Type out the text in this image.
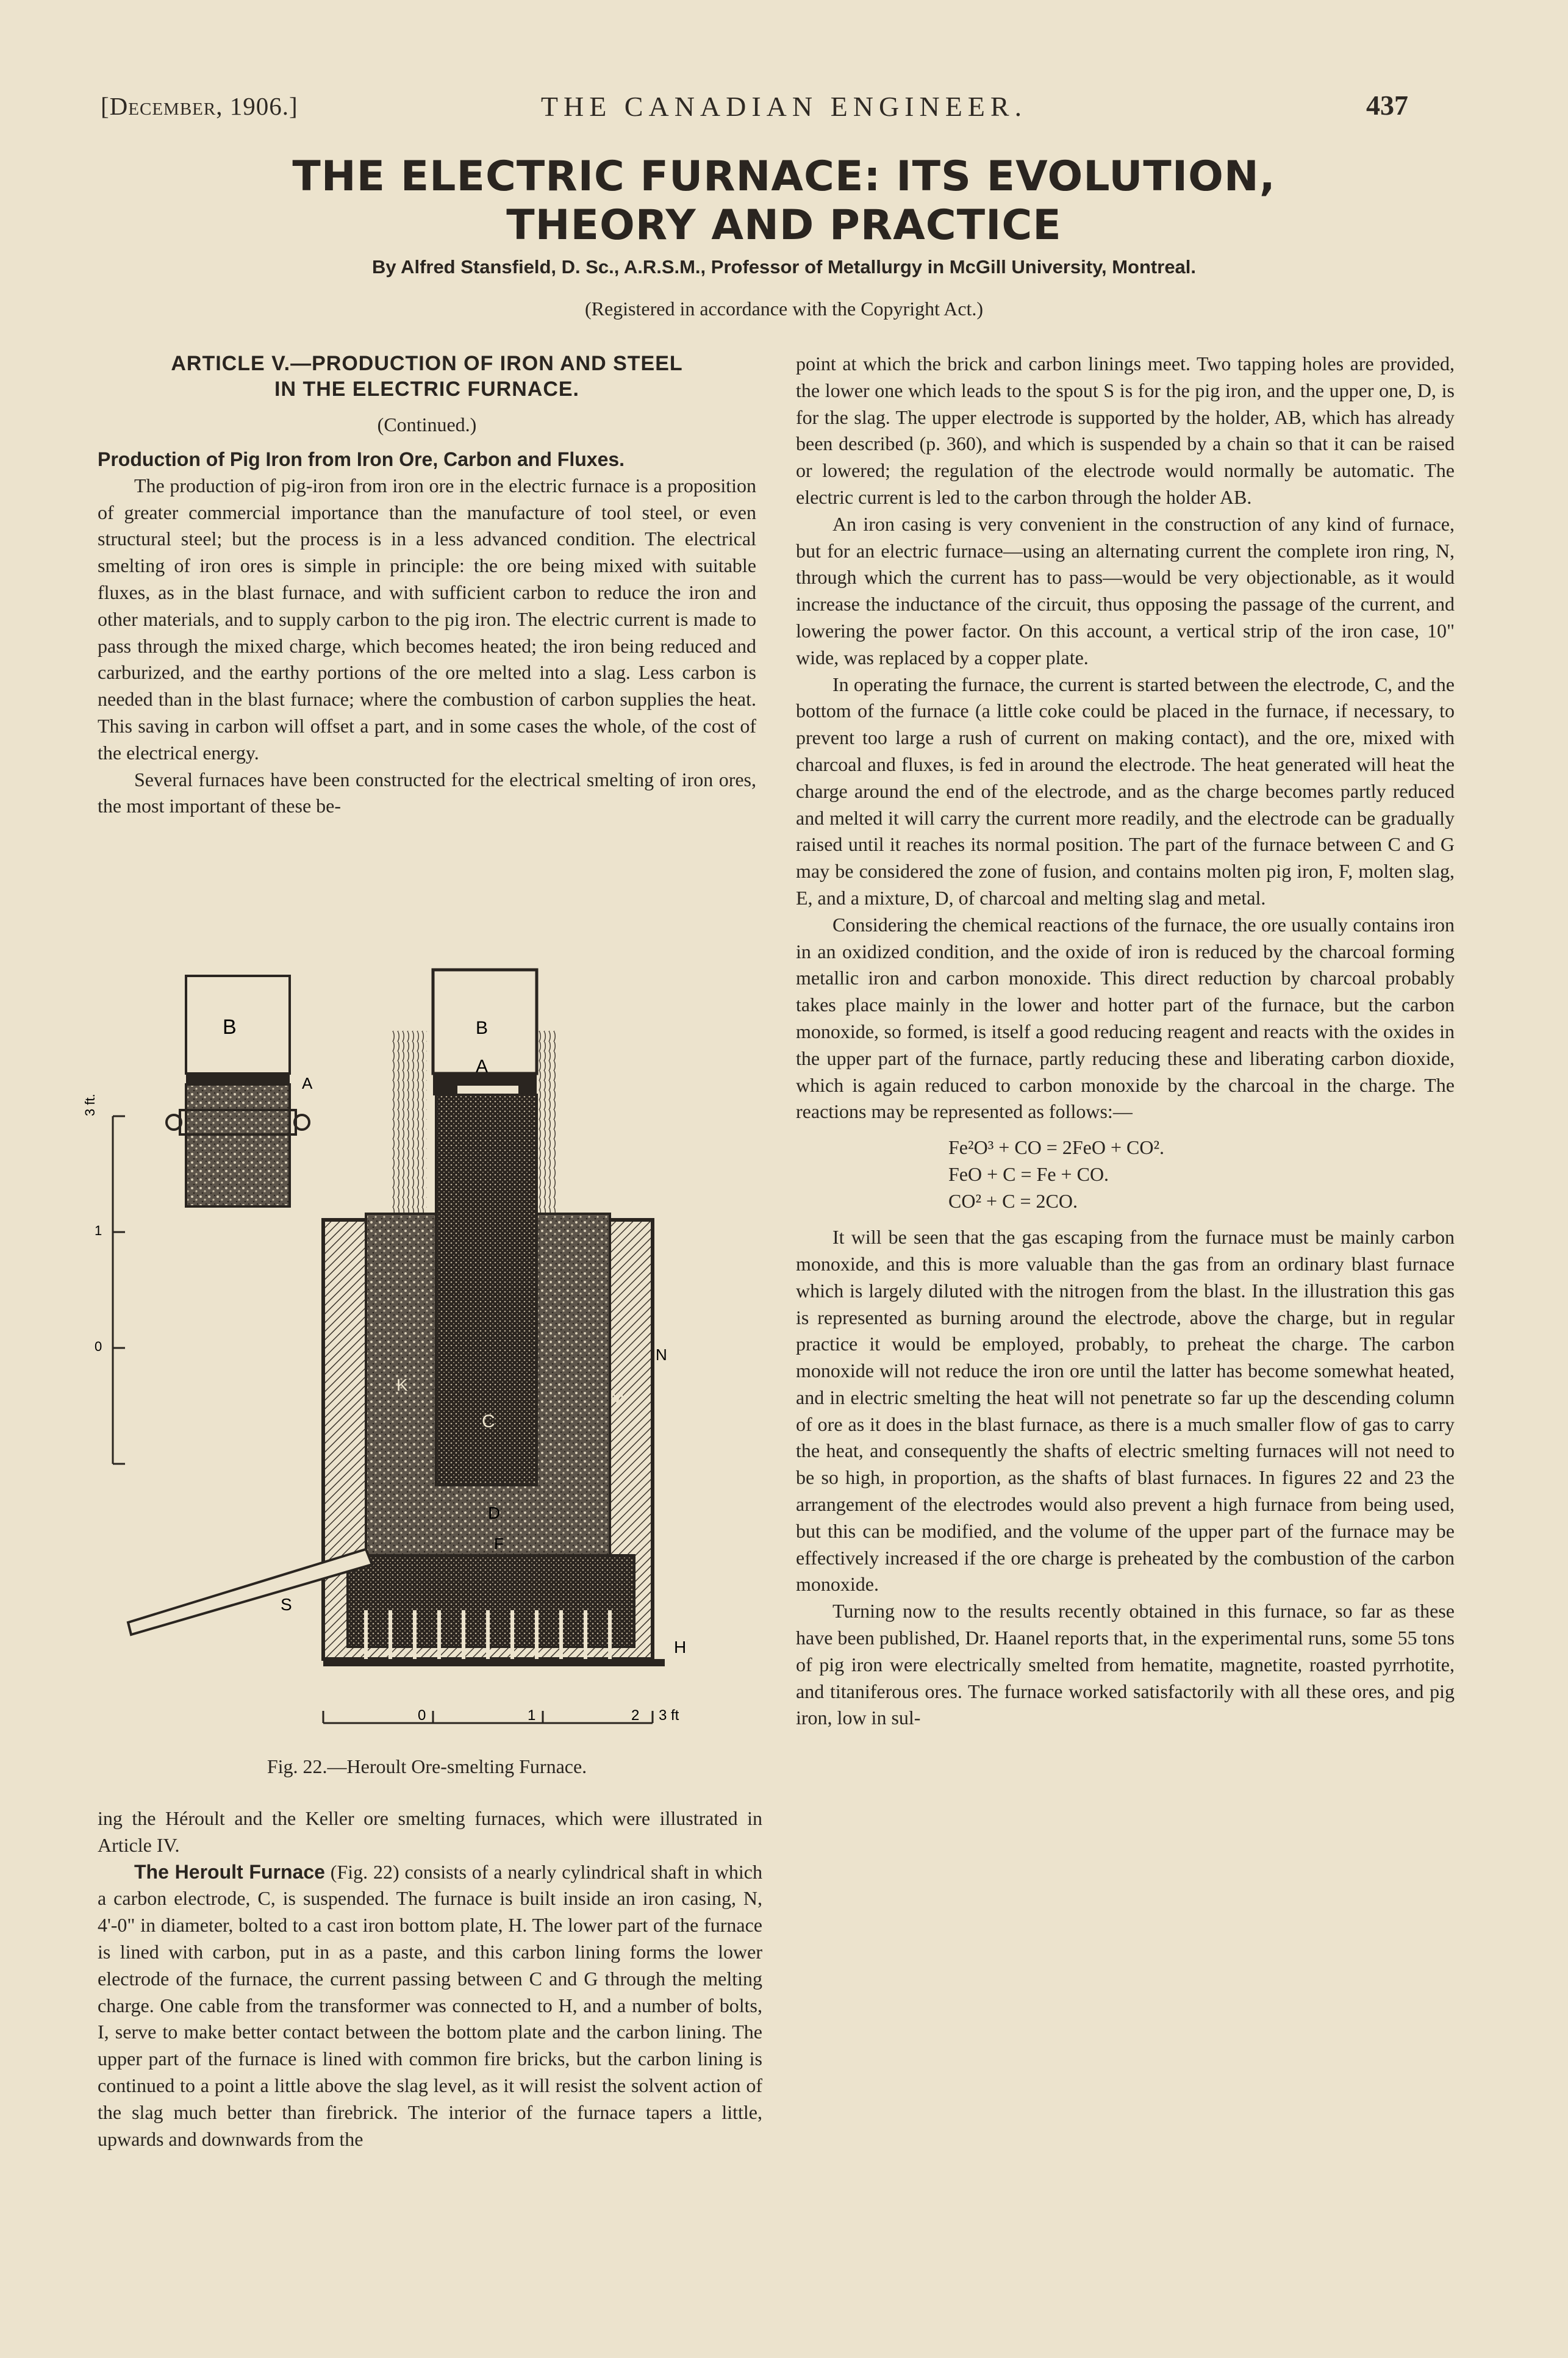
[December, 1906.]	THE CANADIAN ENGINEER.	437
THE ELECTRIC FURNACE: ITS EVOLUTION,
THEORY AND PRACTICE
By Alfred Stansfield, D. Sc., A.R.S.M., Professor of Metallurgy in McGill University, Montreal.
(Registered in accordance with the Copyright Act.)
ARTICLE V.—PRODUCTION OF IRON AND STEEL
IN THE ELECTRIC FURNACE.
(Continued.)
Production of Pig Iron from Iron Ore, Carbon and Fluxes.

The production of pig-iron from iron ore in the electric furnace is a proposition of greater commercial importance than the manufacture of tool steel, or even structural steel; but the process is in a less advanced condition. The electrical smelting of iron ores is simple in principle: the ore being mixed with suitable fluxes, as in the blast furnace, and with sufficient carbon to reduce the iron and other materials, and to supply carbon to the pig iron. The electric current is made to pass through the mixed charge, which becomes heated; the iron being reduced and carburized, and the earthy portions of the ore melted into a slag. Less carbon is needed than in the blast furnace; where the combustion of carbon supplies the heat. This saving in carbon will offset a part, and in some cases the whole, of the cost of the electrical energy.

Several furnaces have been constructed for the electrical smelting of iron ores, the most important of these be-

B
A
B
A
N
M
K
C
D
F
S
H
3 ft.
1
0
0	1	2 3 ft
Fig. 22.—Heroult Ore-smelting Furnace.

ing the Héroult and the Keller ore smelting furnaces, which were illustrated in Article IV.

The Heroult Furnace (Fig. 22) consists of a nearly cylindrical shaft in which a carbon electrode, C, is suspended. The furnace is built inside an iron casing, N, 4'-0" in diameter, bolted to a cast iron bottom plate, H. The lower part of the furnace is lined with carbon, put in as a paste, and this carbon lining forms the lower electrode of the furnace, the current passing between C and G through the melting charge. One cable from the transformer was connected to H, and a number of bolts, I, serve to make better contact between the bottom plate and the carbon lining. The upper part of the furnace is lined with common fire bricks, but the carbon lining is continued to a point a little above the slag level, as it will resist the solvent action of the slag much better than firebrick. The interior of the furnace tapers a little, upwards and downwards from the

point at which the brick and carbon linings meet. Two tapping holes are provided, the lower one which leads to the spout S is for the pig iron, and the upper one, D, is for the slag. The upper electrode is supported by the holder, AB, which has already been described (p. 360), and which is suspended by a chain so that it can be raised or lowered; the regulation of the electrode would normally be automatic. The electric current is led to the carbon through the holder AB.

An iron casing is very convenient in the construction of any kind of furnace, but for an electric furnace—using an alternating current the complete iron ring, N, through which the current has to pass—would be very objectionable, as it would increase the inductance of the circuit, thus opposing the passage of the current, and lowering the power factor. On this account, a vertical strip of the iron case, 10" wide, was replaced by a copper plate.

In operating the furnace, the current is started between the electrode, C, and the bottom of the furnace (a little coke could be placed in the furnace, if necessary, to prevent too large a rush of current on making contact), and the ore, mixed with charcoal and fluxes, is fed in around the electrode. The heat generated will heat the charge around the end of the electrode, and as the charge becomes partly reduced and melted it will carry the current more readily, and the electrode can be gradually raised until it reaches its normal position. The part of the furnace between C and G may be considered the zone of fusion, and contains molten pig iron, F, molten slag, E, and a mixture, D, of charcoal and melting slag and metal.

Considering the chemical reactions of the furnace, the ore usually contains iron in an oxidized condition, and the oxide of iron is reduced by the charcoal forming metallic iron and carbon monoxide. This direct reduction by charcoal probably takes place mainly in the lower and hotter part of the furnace, but the carbon monoxide, so formed, is itself a good reducing reagent and reacts with the oxides in the upper part of the furnace, partly reducing these and liberating carbon dioxide, which is again reduced to carbon monoxide by the charcoal in the charge. The reactions may be represented as follows:—

Fe²O³ + CO = 2FeO + CO².
FeO + C = Fe + CO.
CO² + C = 2CO.

It will be seen that the gas escaping from the furnace must be mainly carbon monoxide, and this is more valuable than the gas from an ordinary blast furnace which is largely diluted with the nitrogen from the blast. In the illustration this gas is represented as burning around the electrode, above the charge, but in regular practice it would be employed, probably, to preheat the charge. The carbon monoxide will not reduce the iron ore until the latter has become somewhat heated, and in electric smelting the heat will not penetrate so far up the descending column of ore as it does in the blast furnace, as there is a much smaller flow of gas to carry the heat, and consequently the shafts of electric smelting furnaces will not need to be so high, in proportion, as the shafts of blast furnaces. In figures 22 and 23 the arrangement of the electrodes would also prevent a high furnace from being used, but this can be modified, and the volume of the upper part of the furnace may be effectively increased if the ore charge is preheated by the combustion of the carbon monoxide.

Turning now to the results recently obtained in this furnace, so far as these have been published, Dr. Haanel reports that, in the experimental runs, some 55 tons of pig iron were electrically smelted from hematite, magnetite, roasted pyrrhotite, and titaniferous ores. The furnace worked satisfactorily with all these ores, and pig iron, low in sul-
